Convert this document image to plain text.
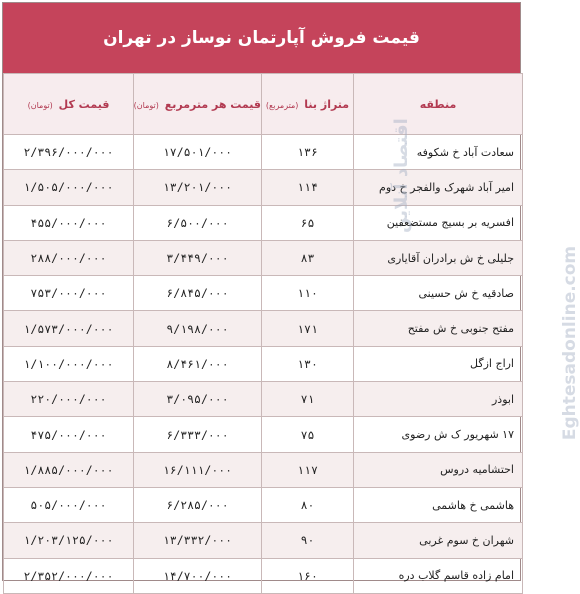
قیمت فروش آپارتمان نوساز در تهران
منطقه	متراژ بنا (مترمربع)	قیمت هر مترمربع (تومان)	قیمت کل (تومان)
سعادت آباد خ شکوفه	۱۳۶	۱۷/۵۰۱/۰۰۰	۲/۳۹۶/۰۰۰/۰۰۰
امیر آباد شهرک والفجر خ دوم	۱۱۴	۱۳/۲۰۱/۰۰۰	۱/۵۰۵/۰۰۰/۰۰۰
افسریه بر بسیج مستضعفین	۶۵	۶/۵۰۰/۰۰۰	۴۵۵/۰۰۰/۰۰۰
جلیلی خ ش برادران آقایاری	۸۳	۳/۴۴۹/۰۰۰	۲۸۸/۰۰۰/۰۰۰
صادقیه خ ش حسینی	۱۱۰	۶/۸۴۵/۰۰۰	۷۵۳/۰۰۰/۰۰۰
مفتح جنوبی خ ش مفتح	۱۷۱	۹/۱۹۸/۰۰۰	۱/۵۷۳/۰۰۰/۰۰۰
اراج ازگل	۱۳۰	۸/۴۶۱/۰۰۰	۱/۱۰۰/۰۰۰/۰۰۰
ابوذر	۷۱	۳/۰۹۵/۰۰۰	۲۲۰/۰۰۰/۰۰۰
۱۷ شهریور ک ش رضوی	۷۵	۶/۳۳۳/۰۰۰	۴۷۵/۰۰۰/۰۰۰
احتشامیه دروس	۱۱۷	۱۶/۱۱۱/۰۰۰	۱/۸۸۵/۰۰۰/۰۰۰
هاشمی خ هاشمی	۸۰	۶/۲۸۵/۰۰۰	۵۰۵/۰۰۰/۰۰۰
شهران خ سوم غربی	۹۰	۱۳/۳۳۲/۰۰۰	۱/۲۰۳/۱۲۵/۰۰۰
امام زاده قاسم گلاب دره	۱۶۰	۱۴/۷۰۰/۰۰۰	۲/۳۵۲/۰۰۰/۰۰۰
اقتصاد آنلاین
Eghtesadonline.com
